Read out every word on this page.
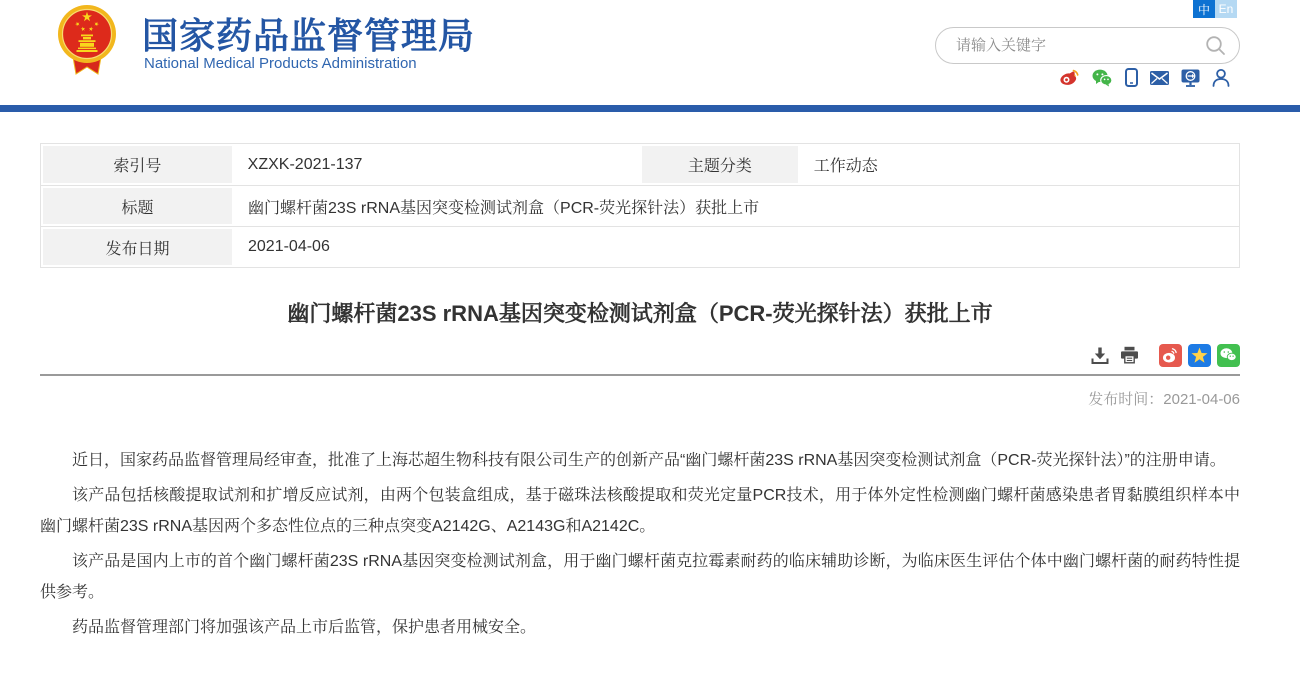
国家药品监督管理局
National Medical Products Administration
中 En
请输入关键字
索引号	XZXK-2021-137	主题分类	工作动态
标题	幽门螺杆菌23S rRNA基因突变检测试剂盒（PCR-荧光探针法）获批上市
发布日期	2021-04-06
幽门螺杆菌23S rRNA基因突变检测试剂盒（PCR-荧光探针法）获批上市
发布时间：2021-04-06

近日，国家药品监督管理局经审查，批准了上海芯超生物科技有限公司生产的创新产品“幽门螺杆菌23S rRNA基因突变检测试剂盒（PCR-荧光探针法）”的注册申请。

该产品包括核酸提取试剂和扩增反应试剂，由两个包装盒组成，基于磁珠法核酸提取和荧光定量PCR技术，用于体外定性检测幽门螺杆菌感染患者胃黏膜组织样本中幽门螺杆菌23S rRNA基因两个多态性位点的三种点突变A2142G、A2143G和A2142C。

该产品是国内上市的首个幽门螺杆菌23S rRNA基因突变检测试剂盒，用于幽门螺杆菌克拉霉素耐药的临床辅助诊断，为临床医生评估个体中幽门螺杆菌的耐药特性提供参考。

药品监督管理部门将加强该产品上市后监管，保护患者用械安全。
